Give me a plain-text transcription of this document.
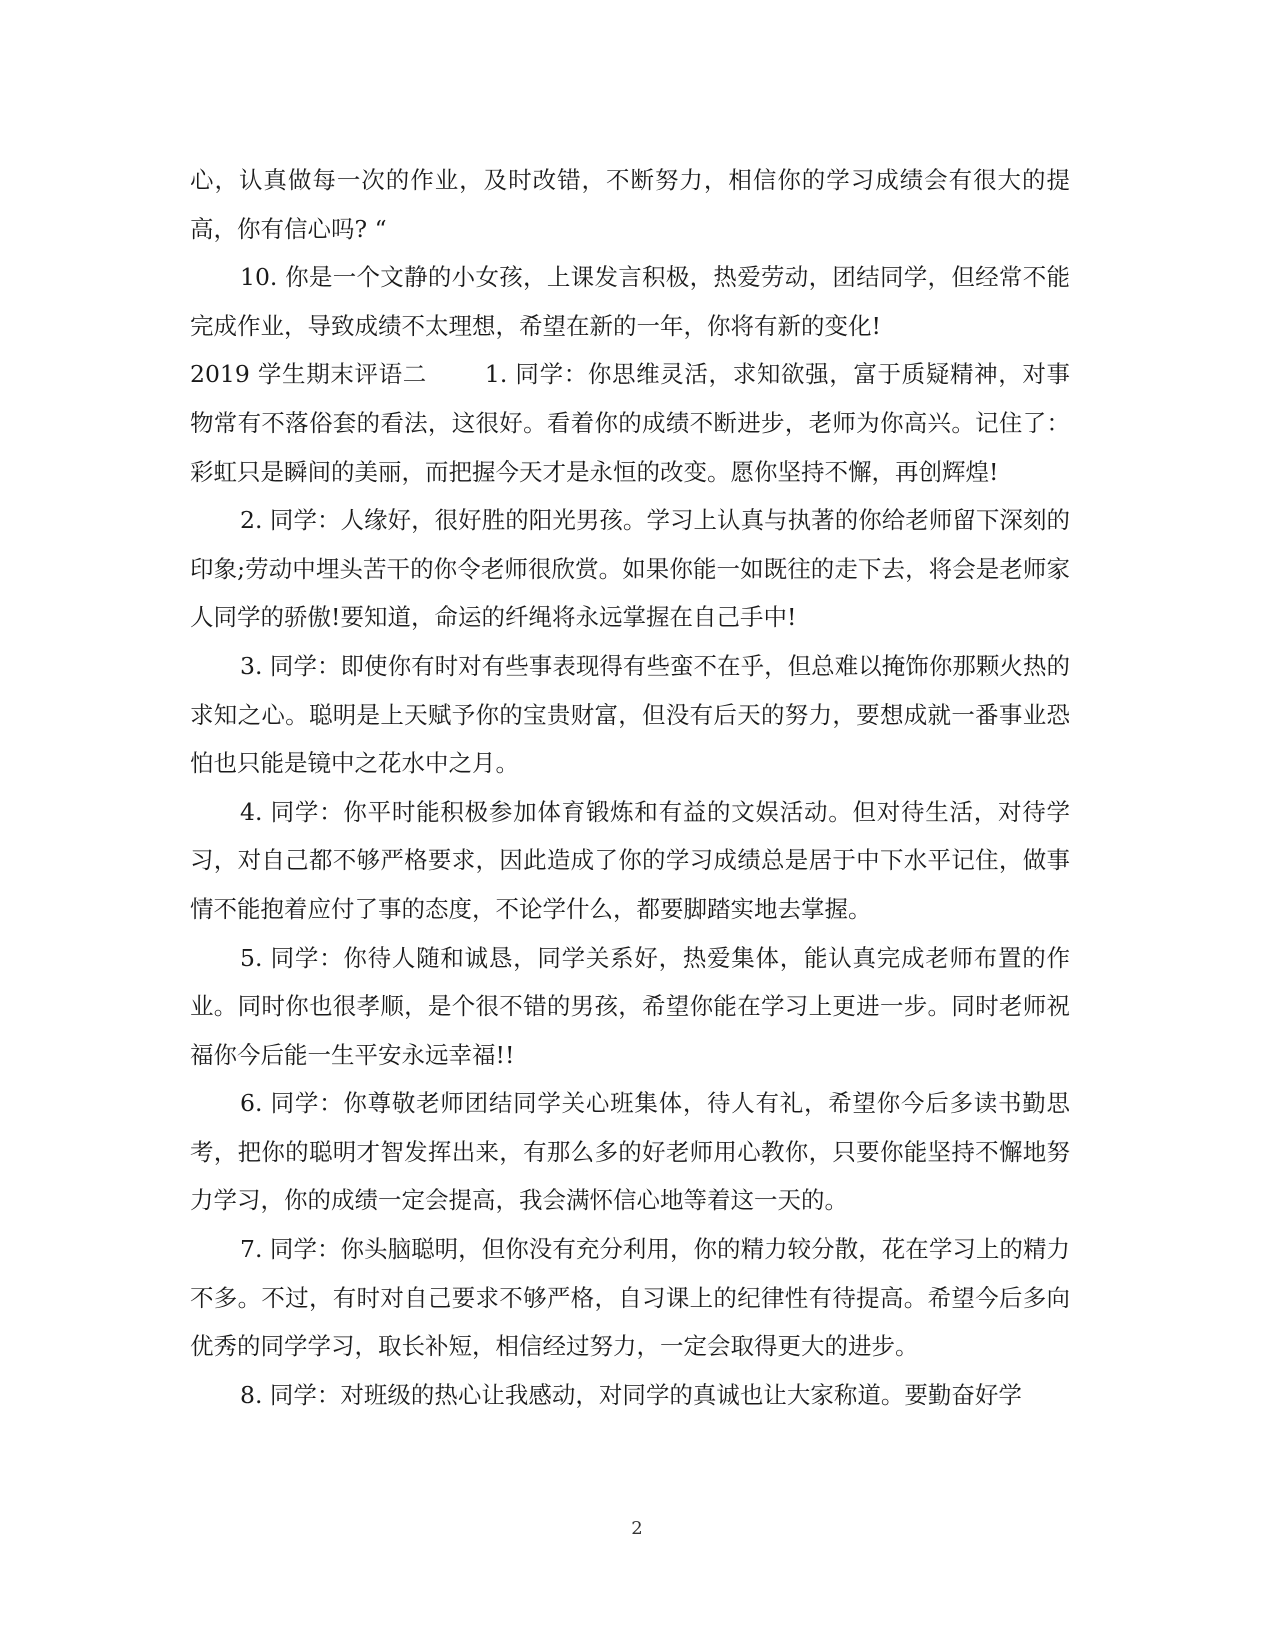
心，认真做每一次的作业，及时改错，不断努力，相信你的学习成绩会有很大的提高，你有信心吗? “

10. 你是一个文静的小女孩，上课发言积极，热爱劳动，团结同学，但经常不能完成作业，导致成绩不太理想，希望在新的一年，你将有新的变化!

2019 学生期末评语二 1. 同学：你思维灵活，求知欲强，富于质疑精神，对事物常有不落俗套的看法，这很好。看着你的成绩不断进步，老师为你高兴。记住了：彩虹只是瞬间的美丽，而把握今天才是永恒的改变。愿你坚持不懈，再创辉煌!

2. 同学：人缘好，很好胜的阳光男孩。学习上认真与执著的你给老师留下深刻的印象;劳动中埋头苦干的你令老师很欣赏。如果你能一如既往的走下去，将会是老师家人同学的骄傲!要知道，命运的纤绳将永远掌握在自己手中!

3. 同学：即使你有时对有些事表现得有些蛮不在乎，但总难以掩饰你那颗火热的求知之心。聪明是上天赋予你的宝贵财富，但没有后天的努力，要想成就一番事业恐怕也只能是镜中之花水中之月。

4. 同学：你平时能积极参加体育锻炼和有益的文娱活动。但对待生活，对待学习，对自己都不够严格要求，因此造成了你的学习成绩总是居于中下水平记住，做事情不能抱着应付了事的态度，不论学什么，都要脚踏实地去掌握。

5. 同学：你待人随和诚恳，同学关系好，热爱集体，能认真完成老师布置的作业。同时你也很孝顺，是个很不错的男孩，希望你能在学习上更进一步。同时老师祝福你今后能一生平安永远幸福!!

6. 同学：你尊敬老师团结同学关心班集体，待人有礼，希望你今后多读书勤思考，把你的聪明才智发挥出来，有那么多的好老师用心教你，只要你能坚持不懈地努力学习，你的成绩一定会提高，我会满怀信心地等着这一天的。

7. 同学：你头脑聪明，但你没有充分利用，你的精力较分散，花在学习上的精力不多。不过，有时对自己要求不够严格，自习课上的纪律性有待提高。希望今后多向优秀的同学学习，取长补短，相信经过努力，一定会取得更大的进步。

8. 同学：对班级的热心让我感动，对同学的真诚也让大家称道。要勤奋好学

2
